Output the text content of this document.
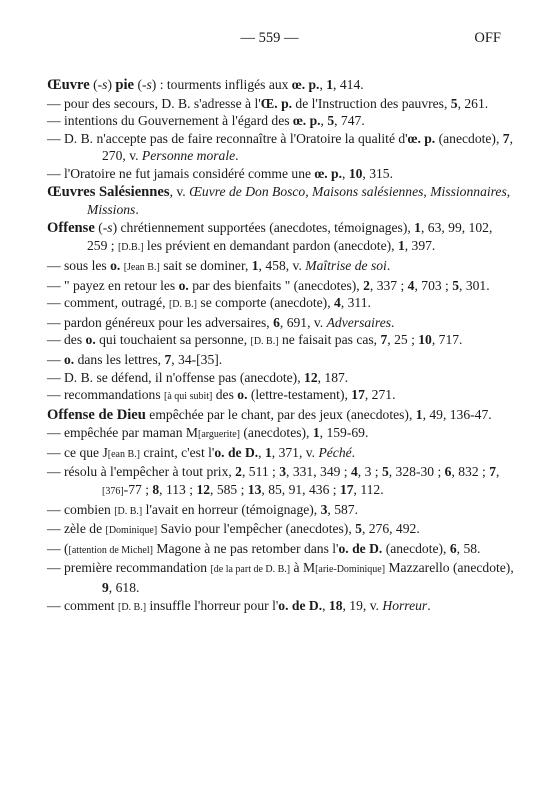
— 559 —	OFF

Œuvre (-s) pie (-s) : tourments infligés aux œ. p., 1, 414.

— pour des secours, D. B. s'adresse à l'Œ. p. de l'Instruction des pauvres, 5, 261.

— intentions du Gouvernement à l'égard des œ. p., 5, 747.

— D. B. n'accepte pas de faire reconnaître à l'Oratoire la qualité d'œ. p. (anecdote), 7, 270, v. Personne morale.

— l'Oratoire ne fut jamais considéré comme une œ. p., 10, 315.

Œuvres Salésiennes, v. Œuvre de Don Bosco, Maisons salésiennes, Missionnaires, Missions.

Offense (-s) chrétiennement supportées (anecdotes, témoignages), 1, 63, 99, 102, 259 ; [D.B.] les prévient en demandant pardon (anecdote), 1, 397.

— sous les o. [Jean B.] sait se dominer, 1, 458, v. Maîtrise de soi.

— " payez en retour les o. par des bienfaits " (anecdotes), 2, 337 ; 4, 703 ; 5, 301.

— comment, outragé, [D. B.] se comporte (anecdote), 4, 311.

— pardon généreux pour les adversaires, 6, 691, v. Adversaires.

— des o. qui touchaient sa personne, [D. B.] ne faisait pas cas, 7, 25 ; 10, 717.

— o. dans les lettres, 7, 34-[35].

— D. B. se défend, il n'offense pas (anecdote), 12, 187.

— recommandations [à qui subit] des o. (lettre-testament), 17, 271.

Offense de Dieu empêchée par le chant, par des jeux (anecdotes), 1, 49, 136-47.

— empêchée par maman M[arguerite] (anecdotes), 1, 159-69.

— ce que J[ean B.] craint, c'est l'o. de D., 1, 371, v. Péché.

— résolu à l'empêcher à tout prix, 2, 511 ; 3, 331, 349 ; 4, 3 ; 5, 328-30 ; 6, 832 ; 7, [376]-77 ; 8, 113 ; 12, 585 ; 13, 85, 91, 436 ; 17, 112.

— combien [D. B.] l'avait en horreur (témoignage), 3, 587.

— zèle de [Dominique] Savio pour l'empêcher (anecdotes), 5, 276, 492.

— ([attention de Michel] Magone à ne pas retomber dans l'o. de D. (anecdote), 6, 58.

— première recommandation [de la part de D. B.] à M[arie-Dominique] Mazzarello (anecdote), 9, 618.

— comment [D. B.] insuffle l'horreur pour l'o. de D., 18, 19, v. Horreur.
